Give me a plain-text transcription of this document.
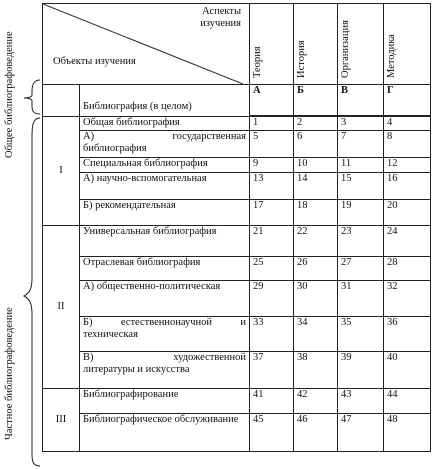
Общее библиографоведение
Частное библиографоведение
Аспекты
изучения
Объекты изучения		Теория	История	Организация	Методика

	Библиография (в целом)	А	Б	В	Г

I	Общая библиография	1	2	3	4

	А) государственная
библиография	5	6	7	8
	Специальная библиография	9	10	11	12
	А) научно-вспомогательная	13	14	15	16
	Б) рекомендательная	17	18	19	20
II	Универсальная библиография	21	22	23	24
	Отраслевая библиография	25	26	27	28
	А) общественно-политическая	29	30	31	32

	Б) естественнонаучной и
техническая	33	34	35	36

	В) художественной
литературы и искусства	37	38	39	40
III	Библиографирование	41	42	43	44
	Библиографическое обслуживание	45	46	47	48
